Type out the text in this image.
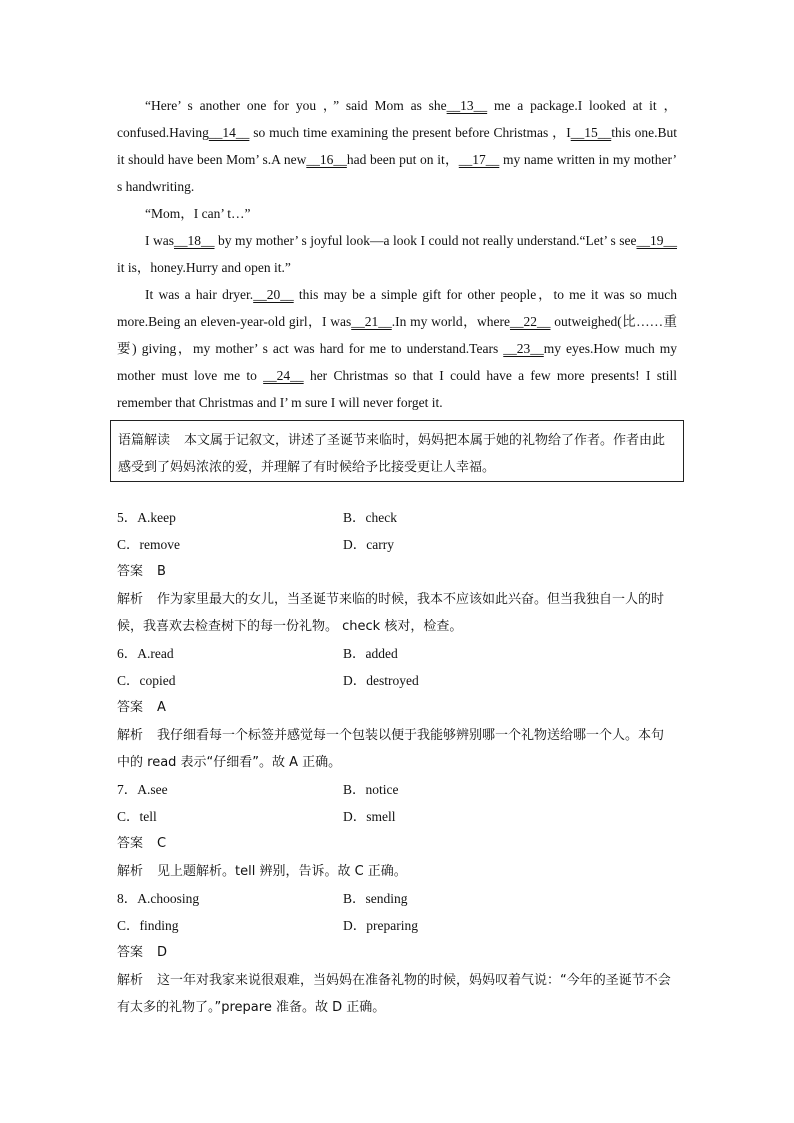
“Here’ s another one for you ，” said Mom as she__13__ me a package.I looked at it ，confused.Having__14__ so much time examining the present before Christmas ，I__15__this one.But it should have been Mom’ s.A new__16__had been put on it，__17__ my name written in my mother’ s handwriting.

“Mom，I can’ t…”

I was__18__ by my mother’ s joyful look—a look I could not really understand.“Let’ s see__19__ it is，honey.Hurry and open it.”

It was a hair dryer.__20__ this may be a simple gift for other people，to me it was so much more.Being an eleven-year-old girl，I was__21__.In my world，where__22__ outweighed(比……重要) giving，my mother’ s act was hard for me to understand.Tears __23__my eyes.How much my mother must love me to __24__ her Christmas so that I could have a few more presents! I still remember that Christmas and I’ m sure I will never forget it.

语篇解读 本文属于记叙文，讲述了圣诞节来临时，妈妈把本属于她的礼物给了作者。作者由此感受到了妈妈浓浓的爱，并理解了有时候给予比接受更让人幸福。
5．A.keep	B．check
C．remove	D．carry
答案 B
解析 作为家里最大的女儿，当圣诞节来临的时候，我本不应该如此兴奋。但当我独自一人的时候，我喜欢去检查树下的每一份礼物。 check 核对，检查。
6．A.read	B．added
C．copied	D．destroyed
答案 A
解析 我仔细看每一个标签并感觉每一个包装以便于我能够辨别哪一个礼物送给哪一个人。本句中的 read 表示“仔细看”。故 A 正确。
7．A.see	B．notice
C．tell	D．smell
答案 C
解析 见上题解析。tell 辨别，告诉。故 C 正确。
8．A.choosing	B．sending
C．finding	D．preparing
答案 D
解析 这一年对我家来说很艰难，当妈妈在准备礼物的时候，妈妈叹着气说：“今年的圣诞节不会有太多的礼物了。”prepare 准备。故 D 正确。
